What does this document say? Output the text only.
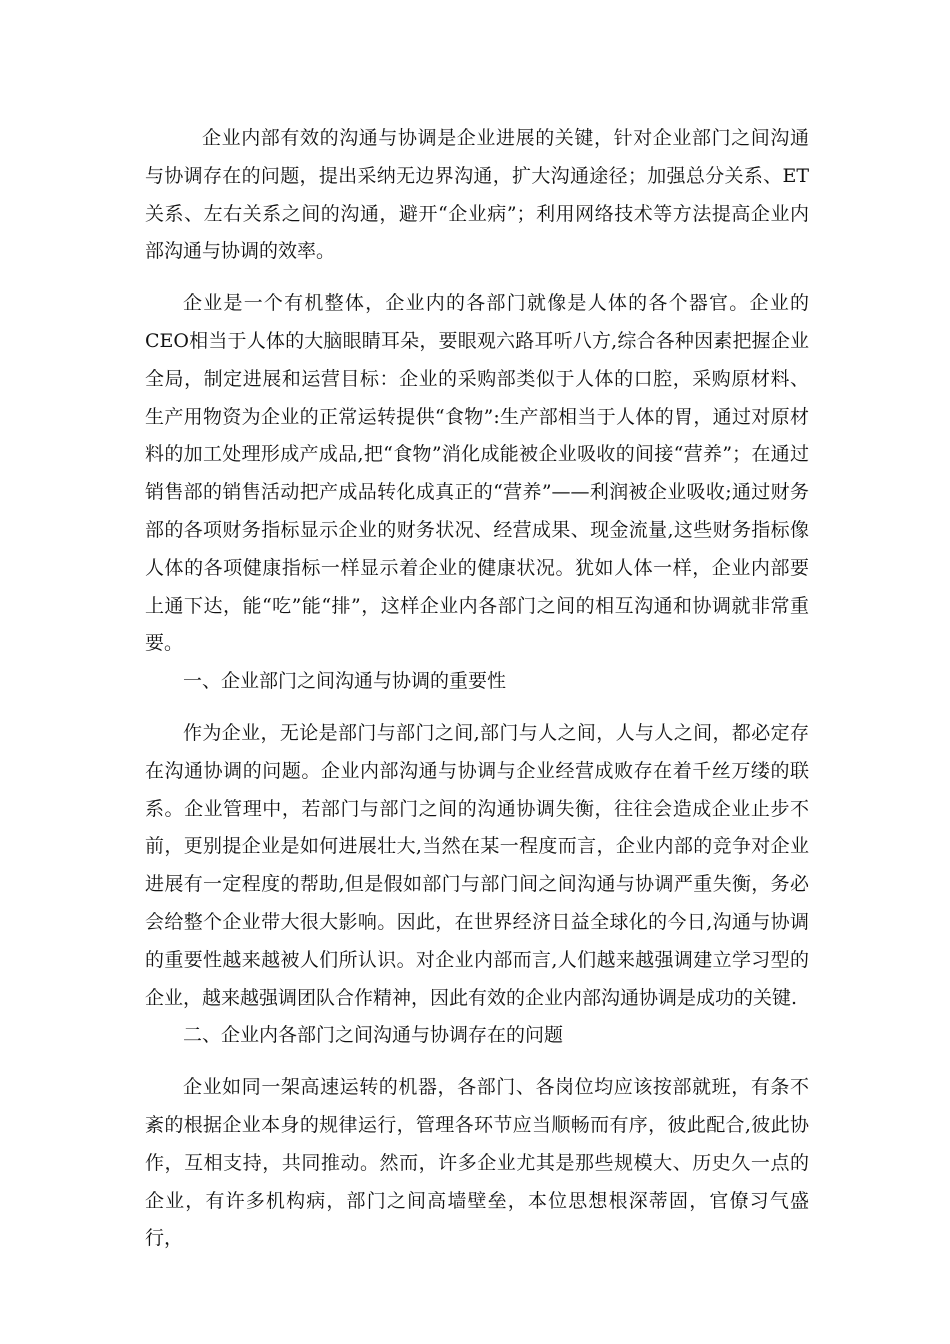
企业内部有效的沟通与协调是企业进展的关键，针对企业部门之间沟通与协调存在的问题，提出采纳无边界沟通，扩大沟通途径；加强总分关系、ET关系、左右关系之间的沟通，避开“企业病”；利用网络技术等方法提高企业内部沟通与协调的效率。

企业是一个有机整体，企业内的各部门就像是人体的各个器官。企业的CEO相当于人体的大脑眼睛耳朵，要眼观六路耳听八方,综合各种因素把握企业全局，制定进展和运营目标：企业的采购部类似于人体的口腔，采购原材料、生产用物资为企业的正常运转提供“食物”:生产部相当于人体的胃，通过对原材料的加工处理形成产成品,把“食物”消化成能被企业吸收的间接“营养”；在通过销售部的销售活动把产成品转化成真正的“营养”——利润被企业吸收;通过财务部的各项财务指标显示企业的财务状况、经营成果、现金流量,这些财务指标像人体的各项健康指标一样显示着企业的健康状况。犹如人体一样，企业内部要上通下达，能“吃”能“排”，这样企业内各部门之间的相互沟通和协调就非常重要。

一、企业部门之间沟通与协调的重要性

作为企业，无论是部门与部门之间,部门与人之间，人与人之间，都必定存在沟通协调的问题。企业内部沟通与协调与企业经营成败存在着千丝万缕的联系。企业管理中，若部门与部门之间的沟通协调失衡，往往会造成企业止步不前，更别提企业是如何进展壮大,当然在某一程度而言，企业内部的竞争对企业进展有一定程度的帮助,但是假如部门与部门间之间沟通与协调严重失衡，务必会给整个企业带大很大影响。因此，在世界经济日益全球化的今日,沟通与协调的重要性越来越被人们所认识。对企业内部而言,人们越来越强调建立学习型的企业，越来越强调团队合作精神，因此有效的企业内部沟通协调是成功的关键.

二、企业内各部门之间沟通与协调存在的问题

企业如同一架高速运转的机器，各部门、各岗位均应该按部就班，有条不紊的根据企业本身的规律运行，管理各环节应当顺畅而有序，彼此配合,彼此协作，互相支持，共同推动。然而，许多企业尤其是那些规模大、历史久一点的企业，有许多机构病，部门之间高墙壁垒，本位思想根深蒂固，官僚习气盛行，
